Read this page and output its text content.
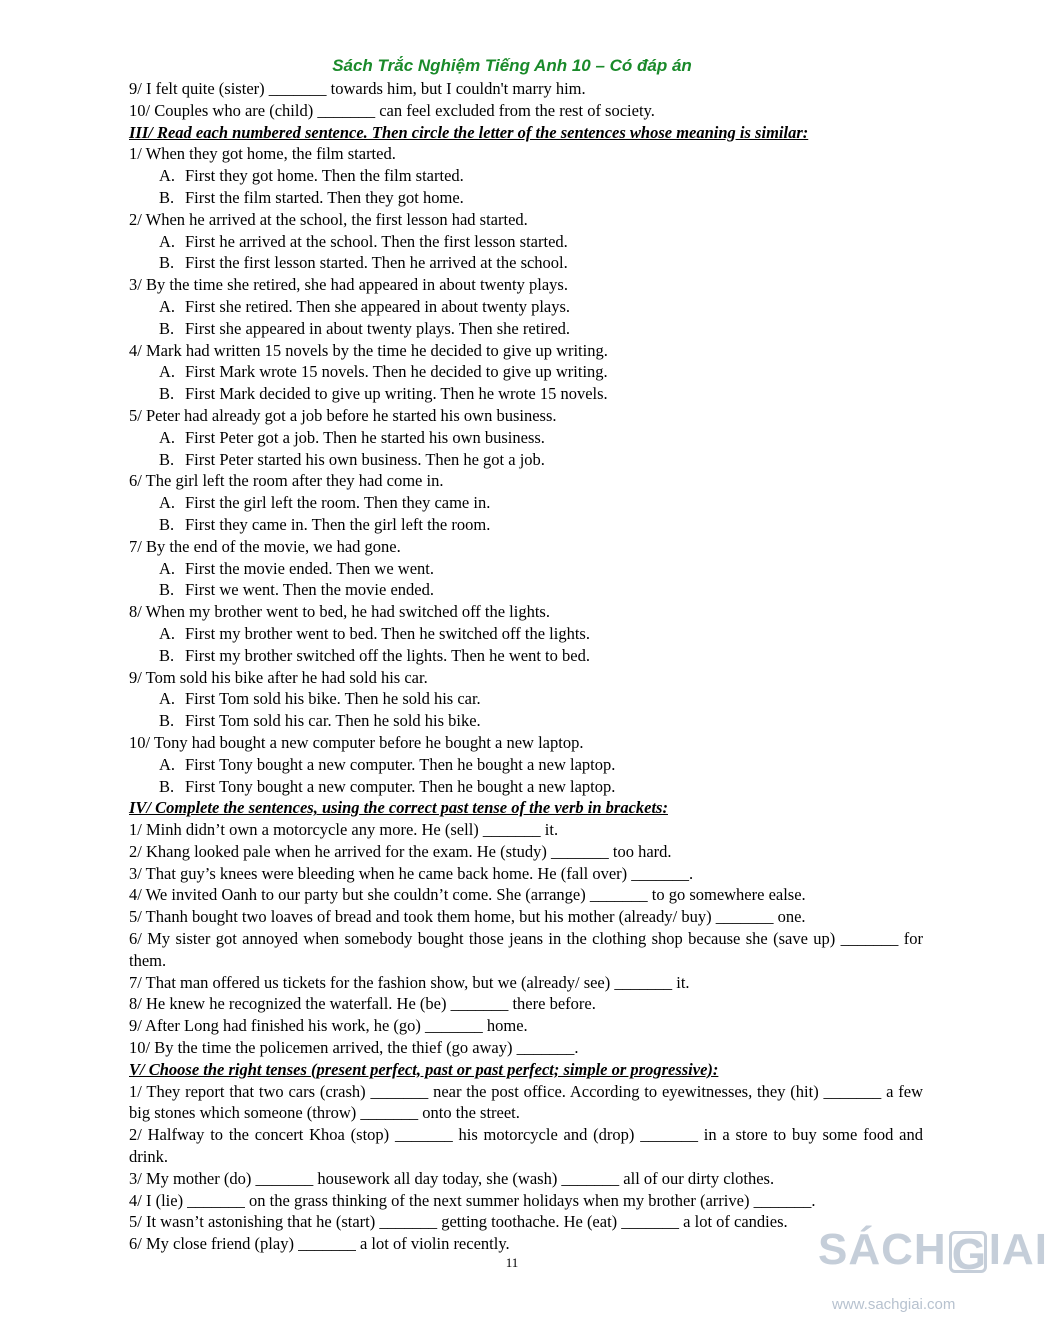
Sách Trắc Nghiệm Tiếng Anh 10 – Có đáp án
9/ I felt quite (sister) _______ towards him, but I couldn't marry him.
10/ Couples who are (child) _______ can feel excluded from the rest of society.
III/ Read each numbered sentence. Then circle the letter of the sentences whose meaning is similar:
1/ When they got home, the film started.
A. First they got home. Then the film started.
B. First the film started. Then they got home.
2/ When he arrived at the school, the first lesson had started.
A. First he arrived at the school. Then the first lesson started.
B. First the first lesson started. Then he arrived at the school.
3/ By the time she retired, she had appeared in about twenty plays.
A. First she retired. Then she appeared in about twenty plays.
B. First she appeared in about twenty plays. Then she retired.
4/ Mark had written 15 novels by the time he decided to give up writing.
A. First Mark wrote 15 novels. Then he decided to give up writing.
B. First Mark decided to give up writing. Then he wrote 15 novels.
5/ Peter had already got a job before he started his own business.
A. First Peter got a job. Then he started his own business.
B. First Peter started his own business. Then he got a job.
6/ The girl left the room after they had come in.
A. First the girl left the room. Then they came in.
B. First they came in. Then the girl left the room.
7/ By the end of the movie, we had gone.
A. First the movie ended. Then we went.
B. First we went. Then the movie ended.
8/ When my brother went to bed, he had switched off the lights.
A. First my brother went to bed. Then he switched off the lights.
B. First my brother switched off the lights. Then he went to bed.
9/ Tom sold his bike after he had sold his car.
A. First Tom sold his bike. Then he sold his car.
B. First Tom sold his car. Then he sold his bike.
10/ Tony had bought a new computer before he bought a new laptop.
A. First Tony bought a new computer. Then he bought a new laptop.
B. First Tony bought a new computer. Then he bought a new laptop.
IV/ Complete the sentences, using the correct past tense of the verb in brackets:
1/ Minh didn’t own a motorcycle any more. He (sell) _______ it.
2/ Khang looked pale when he arrived for the exam. He (study) _______ too hard.
3/ That guy’s knees were bleeding when he came back home. He (fall over) _______.
4/ We invited Oanh to our party but she couldn’t come. She (arrange) _______ to go somewhere ealse.
5/ Thanh bought two loaves of bread and took them home, but his mother (already/ buy) _______ one.
6/ My sister got annoyed when somebody bought those jeans in the clothing shop because she (save up) _______ for them.
7/ That man offered us tickets for the fashion show, but we (already/ see) _______ it.
8/ He knew he recognized the waterfall. He (be) _______ there before.
9/ After Long had finished his work, he (go) _______ home.
10/ By the time the policemen arrived, the thief (go away) _______.
V/ Choose the right tenses (present perfect, past or past perfect; simple or progressive):
1/ They report that two cars (crash) _______ near the post office. According to eyewitnesses, they (hit) _______ a few big stones which someone (throw) _______ onto the street.
2/ Halfway to the concert Khoa (stop) _______ his motorcycle and (drop) _______ in a store to buy some food and drink.
3/ My mother (do) _______ housework all day today, she (wash) _______ all of our dirty clothes.
4/ I (lie) _______ on the grass thinking of the next summer holidays when my brother (arrive) _______.
5/ It wasn’t astonishing that he (start) _______ getting toothache. He (eat) _______ a lot of candies.
6/ My close friend (play) _______ a lot of violin recently.
11	SÁCH GIAI
www.sachgiai.com
